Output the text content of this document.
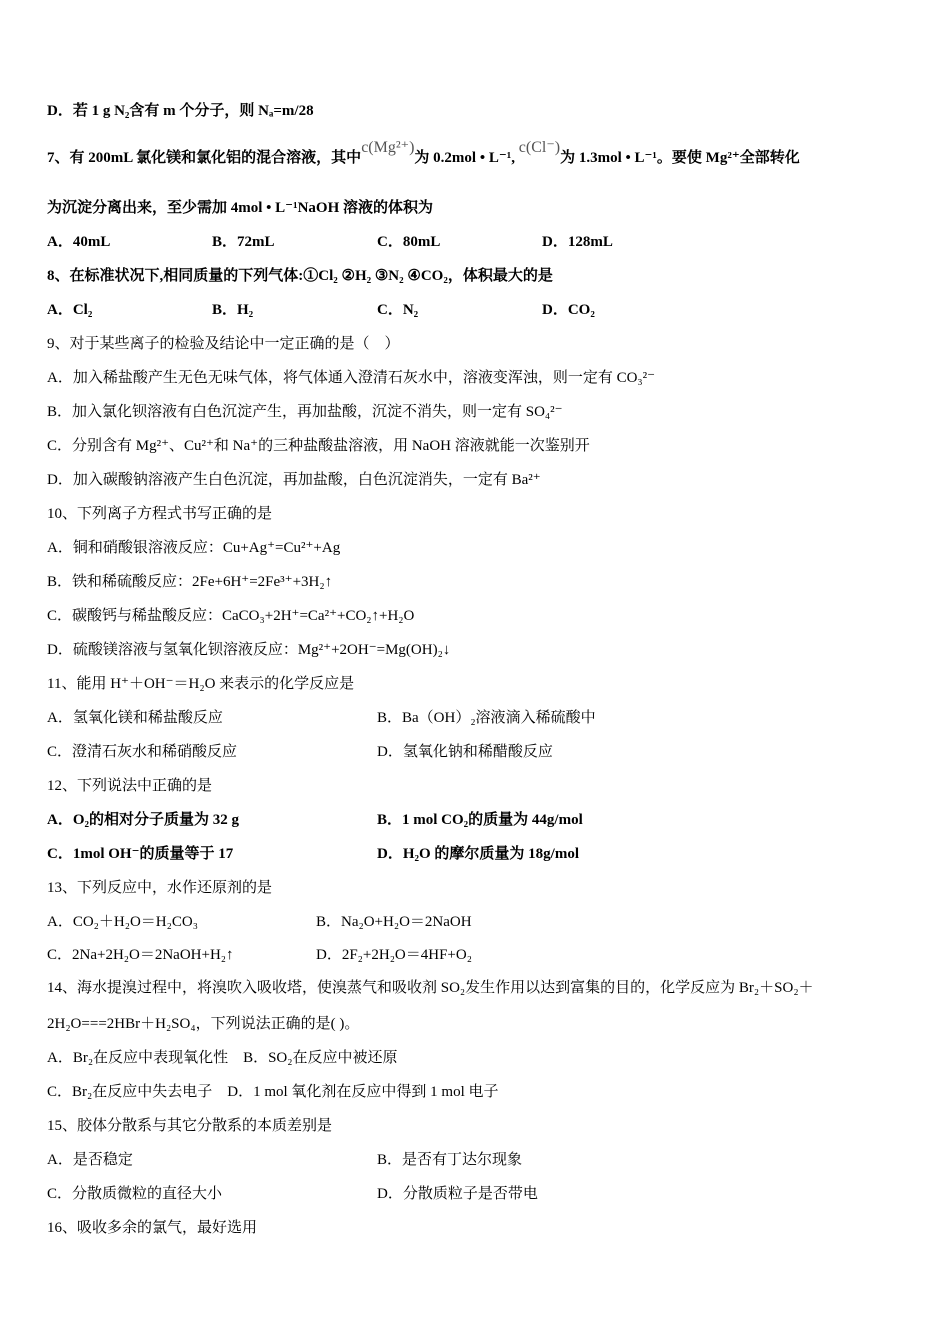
D．若 1 g N₂含有 m 个分子，则 Nₐ=m/28
7、有 200mL 氯化镁和氯化铝的混合溶液，其中c(Mg²⁺)为 0.2mol • L⁻¹, c(Cl⁻)为 1.3mol • L⁻¹。要使 Mg²⁺全部转化
为沉淀分离出来，至少需加 4mol • L⁻¹NaOH 溶液的体积为
A．40mL	B．72mL	C．80mL	D．128mL
8、在标准状况下,相同质量的下列气体:①Cl₂ ②H₂ ③N₂ ④CO₂，体积最大的是
A．Cl₂	B．H₂	C．N₂	D．CO₂
9、对于某些离子的检验及结论中一定正确的是（　）
A．加入稀盐酸产生无色无味气体，将气体通入澄清石灰水中，溶液变浑浊，则一定有 CO₃²⁻
B．加入氯化钡溶液有白色沉淀产生，再加盐酸，沉淀不消失，则一定有 SO₄²⁻
C．分别含有 Mg²⁺、Cu²⁺和 Na⁺的三种盐酸盐溶液，用 NaOH 溶液就能一次鉴别开
D．加入碳酸钠溶液产生白色沉淀，再加盐酸，白色沉淀消失，一定有 Ba²⁺
10、下列离子方程式书写正确的是
A．铜和硝酸银溶液反应：Cu+Ag⁺=Cu²⁺+Ag
B．铁和稀硫酸反应：2Fe+6H⁺=2Fe³⁺+3H₂↑
C．碳酸钙与稀盐酸反应：CaCO₃+2H⁺=Ca²⁺+CO₂↑+H₂O
D．硫酸镁溶液与氢氧化钡溶液反应：Mg²⁺+2OH⁻=Mg(OH)₂↓
11、能用 H⁺＋OH⁻＝H₂O 来表示的化学反应是
A．氢氧化镁和稀盐酸反应	B．Ba（OH）₂溶液滴入稀硫酸中
C．澄清石灰水和稀硝酸反应	D．氢氧化钠和稀醋酸反应
12、下列说法中正确的是
A．O₂的相对分子质量为 32 g	B．1 mol CO₂的质量为 44g/mol
C．1mol OH⁻的质量等于 17	D．H₂O 的摩尔质量为 18g/mol
13、下列反应中，水作还原剂的是
A．CO₂＋H₂O＝H₂CO₃	B．Na₂O+H₂O＝2NaOH
C．2Na+2H₂O＝2NaOH+H₂↑	D．2F₂+2H₂O＝4HF+O₂
14、海水提溴过程中，将溴吹入吸收塔，使溴蒸气和吸收剂 SO₂发生作用以达到富集的目的，化学反应为 Br₂＋SO₂＋
2H₂O===2HBr＋H₂SO₄，下列说法正确的是( )。
A．Br₂在反应中表现氧化性　B．SO₂在反应中被还原
C．Br₂在反应中失去电子　D．1 mol 氧化剂在反应中得到 1 mol 电子
15、胶体分散系与其它分散系的本质差别是
A．是否稳定	B．是否有丁达尔现象
C．分散质微粒的直径大小	D．分散质粒子是否带电
16、吸收多余的氯气，最好选用
